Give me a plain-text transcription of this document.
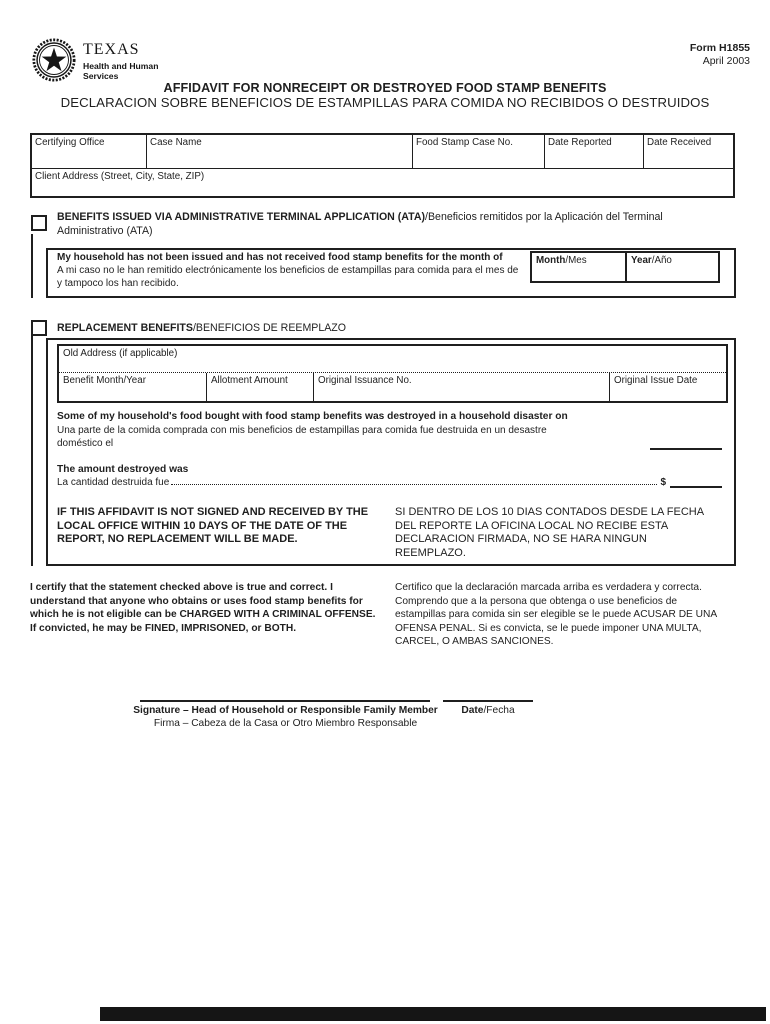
TEXAS
Health and Human
Services
Form H1855
April 2003
AFFIDAVIT FOR NONRECEIPT OR DESTROYED FOOD STAMP BENEFITS
DECLARACION SOBRE BENEFICIOS DE ESTAMPILLAS PARA COMIDA NO RECIBIDOS O DESTRUIDOS
Certifying Office	Case Name	Food Stamp Case No.	Date Reported	Date Received
Client Address (Street, City, State, ZIP)
BENEFITS ISSUED VIA ADMINISTRATIVE TERMINAL APPLICATION (ATA)/Beneficios remitidos por la Aplicación del Terminal Administrativo (ATA)
My household has not been issued and has not received food stamp benefits for the month of
A mi caso no le han remitido electrónicamente los beneficios de estampillas para comida para el mes de
y tampoco los han recibido.
Month/Mes	Year/Año
REPLACEMENT BENEFITS/BENEFICIOS DE REEMPLAZO
Old Address (if applicable)
Benefit Month/Year	Allotment Amount	Original Issuance No.	Original Issue Date
Some of my household's food bought with food stamp benefits was destroyed in a household disaster on
Una parte de la comida comprada con mis beneficios de estampillas para comida fue destruida en un desastre
doméstico el
The amount destroyed was
La cantidad destruida fue	$
IF THIS AFFIDAVIT IS NOT SIGNED AND RECEIVED BY THE LOCAL OFFICE WITHIN 10 DAYS OF THE DATE OF THE REPORT, NO REPLACEMENT WILL BE MADE.
SI DENTRO DE LOS 10 DIAS CONTADOS DESDE LA FECHA DEL REPORTE LA OFICINA LOCAL NO RECIBE ESTA DECLARACION FIRMADA, NO SE HARA NINGUN REEMPLAZO.
I certify that the statement checked above is true and correct. I understand that anyone who obtains or uses food stamp benefits for which he is not eligible can be CHARGED WITH A CRIMINAL OFFENSE. If convicted, he may be FINED, IMPRISONED, or BOTH.
Certifico que la declaración marcada arriba es verdadera y correcta. Comprendo que a la persona que obtenga o use beneficios de estampillas para comida sin ser elegible se le puede ACUSAR DE UNA OFENSA PENAL. Si es convicta, se le puede imponer UNA MULTA, CARCEL, O AMBAS SANCIONES.
Signature – Head of Household or Responsible Family Member
Firma – Cabeza de la Casa or Otro Miembro Responsable
Date/Fecha
